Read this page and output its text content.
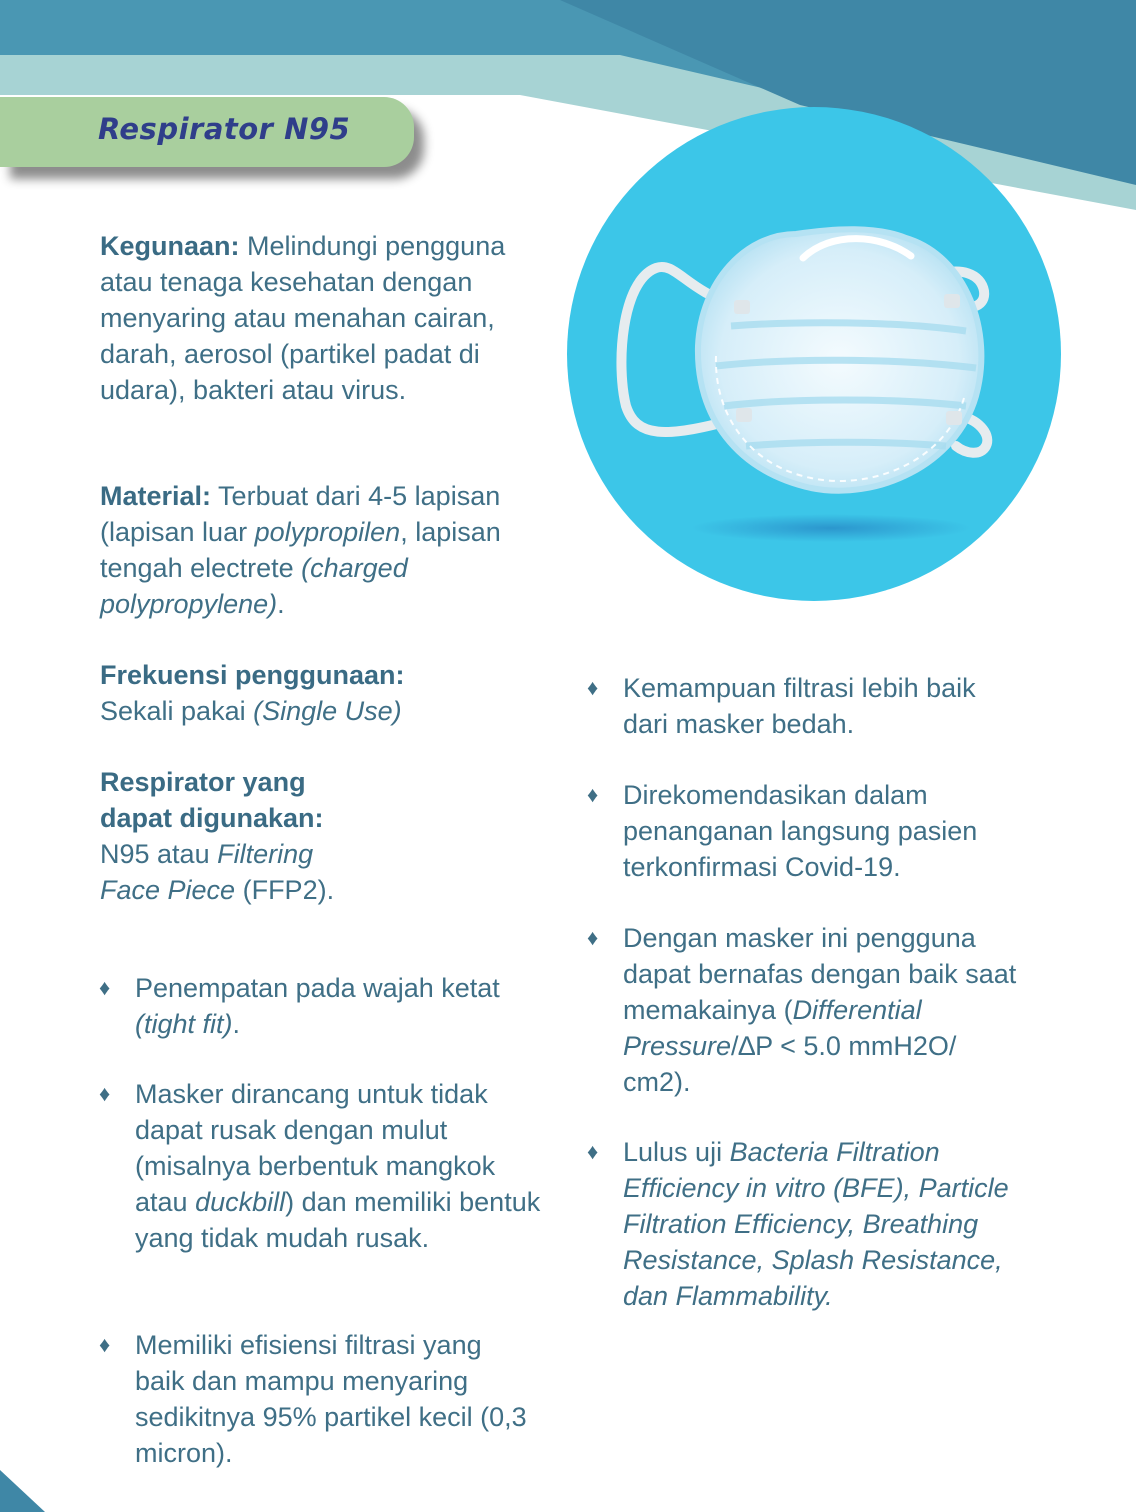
Respirator N95
Kegunaan: Melindungi pengguna atau tenaga kesehatan dengan menyaring atau menahan cairan, darah, aerosol (partikel padat di udara), bakteri atau virus.
Material: Terbuat dari 4-5 lapisan (lapisan luar polypropilen, lapisan tengah electrete (charged polypropylene).
Frekuensi penggunaan:
Sekali pakai (Single Use)
Respirator yang dapat digunakan:
N95 atau Filtering Face Piece (FFP2).
♦ Penempatan pada wajah ketat (tight fit).
♦ Masker dirancang untuk tidak dapat rusak dengan mulut (misalnya berbentuk mangkok atau duckbill) dan memiliki bentuk yang tidak mudah rusak.
♦ Memiliki efisiensi filtrasi yang baik dan mampu menyaring sedikitnya 95% partikel kecil (0,3 micron).
♦ Kemampuan filtrasi lebih baik dari masker bedah.
♦ Direkomendasikan dalam penanganan langsung pasien terkonfirmasi Covid-19.
♦ Dengan masker ini pengguna dapat bernafas dengan baik saat memakainya (Differential Pressure/∆P < 5.0 mmH2O/ cm2).
♦ Lulus uji Bacteria Filtration Efficiency in vitro (BFE), Particle Filtration Efficiency, Breathing Resistance, Splash Resistance, dan Flammability.
